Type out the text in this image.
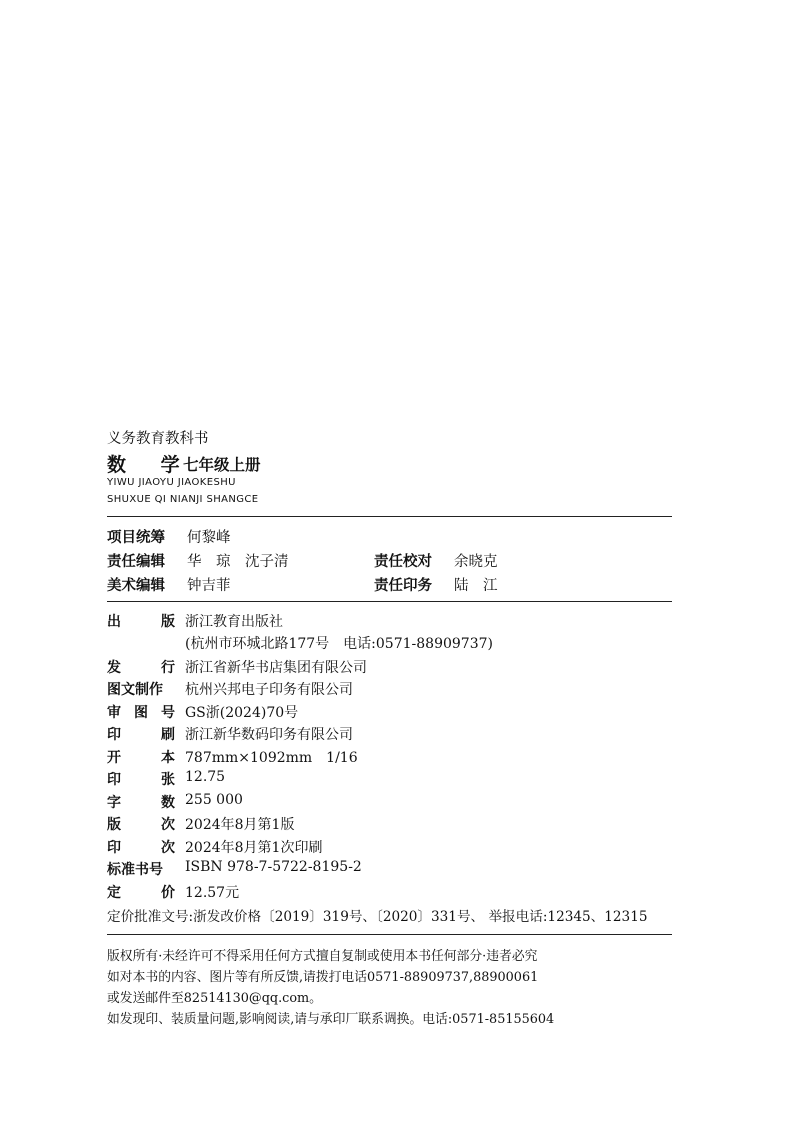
义务教育教科书
数 学
七年级上册
YIWU JIAOYU JIAOKESHU
SHUXUE QI NIANJI SHANGCE
项目统筹 何黎峰
责任编辑 华　琼　沈子清	责任校对 余晓克
美术编辑 钟吉菲	责任印务 陆　江
出	版 浙江教育出版社
(杭州市环城北路177号　电话:0571-88909737)
发	行 浙江省新华书店集团有限公司
图文制作 杭州兴邦电子印务有限公司
审 图 号 GS浙(2024)70号
印	刷 浙江新华数码印务有限公司
开	本 787mm×1092mm　1/16
印	张 12.75
字	数 255 000
版	次 2024年8月第1版
印	次 2024年8月第1次印刷
标准书号 ISBN 978-7-5722-8195-2
定	价 12.57元
定价批准文号:浙发改价格〔2019〕319号、〔2020〕331号、 举报电话:12345、12315
版权所有·未经许可不得采用任何方式擅自复制或使用本书任何部分·违者必究
如对本书的内容、图片等有所反馈,请拨打电话0571-88909737,88900061
或发送邮件至82514130@qq.com。
如发现印、装质量问题,影响阅读,请与承印厂联系调换。电话:0571-85155604
